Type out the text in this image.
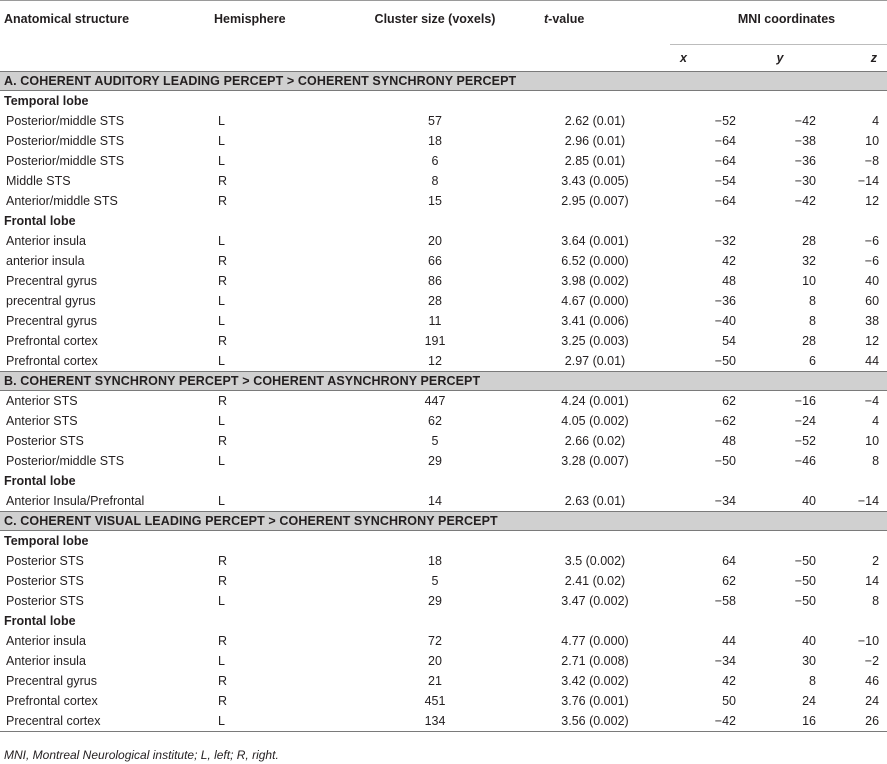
Anatomical structure	Hemisphere	Cluster size (voxels)	t-value	MNI coordinates		
				x	y	z
A. COHERENT AUDITORY LEADING PERCEPT > COHERENT SYNCHRONY PERCEPT						
Temporal lobe						
Posterior/middle STS	L	57	2.62 (0.01)	−52	−42	4
Posterior/middle STS	L	18	2.96 (0.01)	−64	−38	10
Posterior/middle STS	L	6	2.85 (0.01)	−64	−36	−8
Middle STS	R	8	3.43 (0.005)	−54	−30	−14
Anterior/middle STS	R	15	2.95 (0.007)	−64	−42	12
Frontal lobe						
Anterior insula	L	20	3.64 (0.001)	−32	28	−6
anterior insula	R	66	6.52 (0.000)	42	32	−6
Precentral gyrus	R	86	3.98 (0.002)	48	10	40
precentral gyrus	L	28	4.67 (0.000)	−36	8	60
Precentral gyrus	L	11	3.41 (0.006)	−40	8	38
Prefrontal cortex	R	191	3.25 (0.003)	54	28	12
Prefrontal cortex	L	12	2.97 (0.01)	−50	6	44
B. COHERENT SYNCHRONY PERCEPT > COHERENT ASYNCHRONY PERCEPT						
Anterior STS	R	447	4.24 (0.001)	62	−16	−4
Anterior STS	L	62	4.05 (0.002)	−62	−24	4
Posterior STS	R	5	2.66 (0.02)	48	−52	10
Posterior/middle STS	L	29	3.28 (0.007)	−50	−46	8
Frontal lobe						
Anterior Insula/Prefrontal	L	14	2.63 (0.01)	−34	40	−14
C. COHERENT VISUAL LEADING PERCEPT > COHERENT SYNCHRONY PERCEPT						
Temporal lobe						
Posterior STS	R	18	3.5 (0.002)	64	−50	2
Posterior STS	R	5	2.41 (0.02)	62	−50	14
Posterior STS	L	29	3.47 (0.002)	−58	−50	8
Frontal lobe						
Anterior insula	R	72	4.77 (0.000)	44	40	−10
Anterior insula	L	20	2.71 (0.008)	−34	30	−2
Precentral gyrus	R	21	3.42 (0.002)	42	8	46
Prefrontal cortex	R	451	3.76 (0.001)	50	24	24
Precentral cortex	L	134	3.56 (0.002)	−42	16	26
MNI, Montreal Neurological institute; L, left; R, right.
